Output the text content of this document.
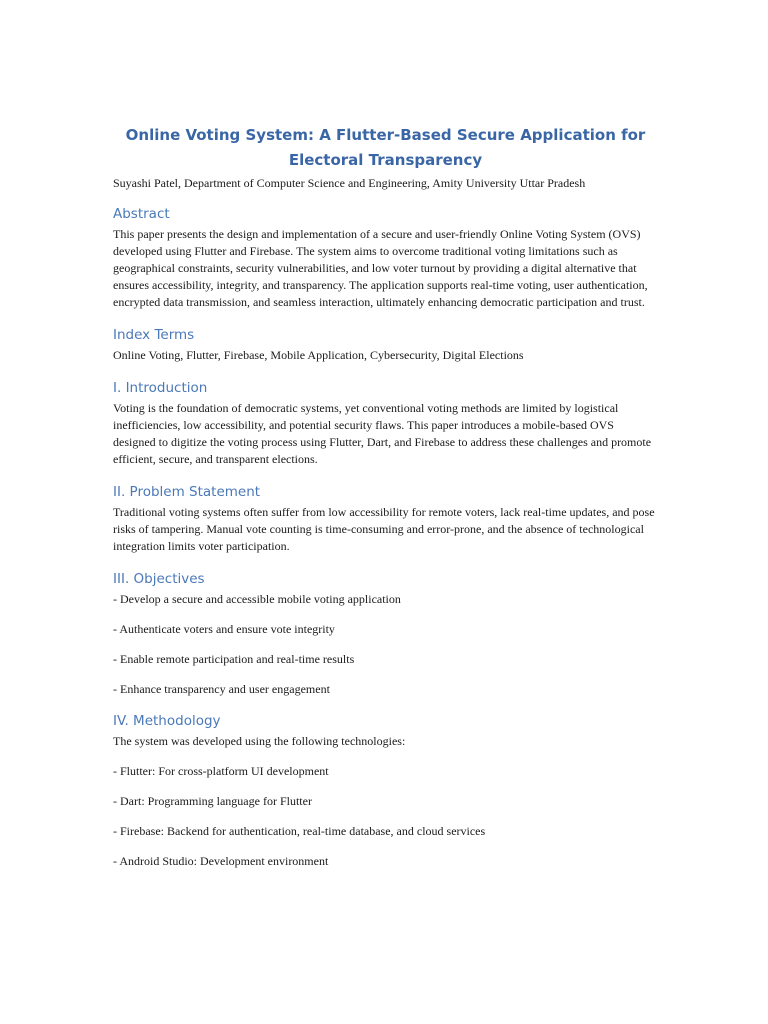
Online Voting System: A Flutter-Based Secure Application for Electoral Transparency

Suyashi Patel, Department of Computer Science and Engineering, Amity University Uttar Pradesh

Abstract

This paper presents the design and implementation of a secure and user-friendly Online Voting System (OVS) developed using Flutter and Firebase. The system aims to overcome traditional voting limitations such as geographical constraints, security vulnerabilities, and low voter turnout by providing a digital alternative that ensures accessibility, integrity, and transparency. The application supports real-time voting, user authentication, encrypted data transmission, and seamless interaction, ultimately enhancing democratic participation and trust.

Index Terms

Online Voting, Flutter, Firebase, Mobile Application, Cybersecurity, Digital Elections

I. Introduction

Voting is the foundation of democratic systems, yet conventional voting methods are limited by logistical inefficiencies, low accessibility, and potential security flaws. This paper introduces a mobile-based OVS designed to digitize the voting process using Flutter, Dart, and Firebase to address these challenges and promote efficient, secure, and transparent elections.

II. Problem Statement

Traditional voting systems often suffer from low accessibility for remote voters, lack real-time updates, and pose risks of tampering. Manual vote counting is time-consuming and error-prone, and the absence of technological integration limits voter participation.

III. Objectives
- Develop a secure and accessible mobile voting application
- Authenticate voters and ensure vote integrity
- Enable remote participation and real-time results
- Enhance transparency and user engagement
IV. Methodology

The system was developed using the following technologies:

- Flutter: For cross-platform UI development
- Dart: Programming language for Flutter
- Firebase: Backend for authentication, real-time database, and cloud services
- Android Studio: Development environment
